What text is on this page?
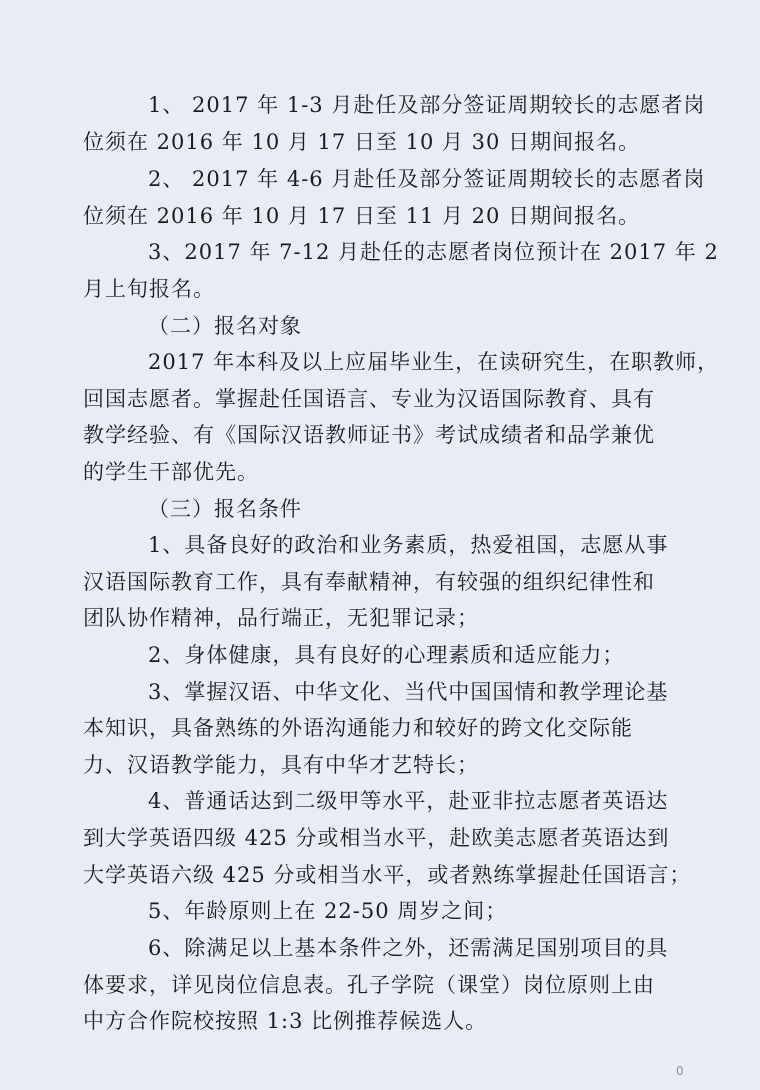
1、 2017 年 1-3 月赴任及部分签证周期较长的志愿者岗
位须在 2016 年 10 月 17 日至 10 月 30 日期间报名。
2、 2017 年 4-6 月赴任及部分签证周期较长的志愿者岗
位须在 2016 年 10 月 17 日至 11 月 20 日期间报名。
3、2017 年 7-12 月赴任的志愿者岗位预计在 2017 年 2
月上旬报名。
（二）报名对象
2017 年本科及以上应届毕业生，在读研究生，在职教师，
回国志愿者。掌握赴任国语言、专业为汉语国际教育、具有
教学经验、有《国际汉语教师证书》考试成绩者和品学兼优
的学生干部优先。
（三）报名条件
1、具备良好的政治和业务素质，热爱祖国，志愿从事
汉语国际教育工作，具有奉献精神，有较强的组织纪律性和
团队协作精神，品行端正，无犯罪记录；
2、身体健康，具有良好的心理素质和适应能力；
3、掌握汉语、中华文化、当代中国国情和教学理论基
本知识，具备熟练的外语沟通能力和较好的跨文化交际能
力、汉语教学能力，具有中华才艺特长；
4、普通话达到二级甲等水平，赴亚非拉志愿者英语达
到大学英语四级 425 分或相当水平，赴欧美志愿者英语达到
大学英语六级 425 分或相当水平，或者熟练掌握赴任国语言；
5、年龄原则上在 22-50 周岁之间；
6、除满足以上基本条件之外，还需满足国别项目的具
体要求，详见岗位信息表。孔子学院（课堂）岗位原则上由
中方合作院校按照 1:3 比例推荐候选人。
0
